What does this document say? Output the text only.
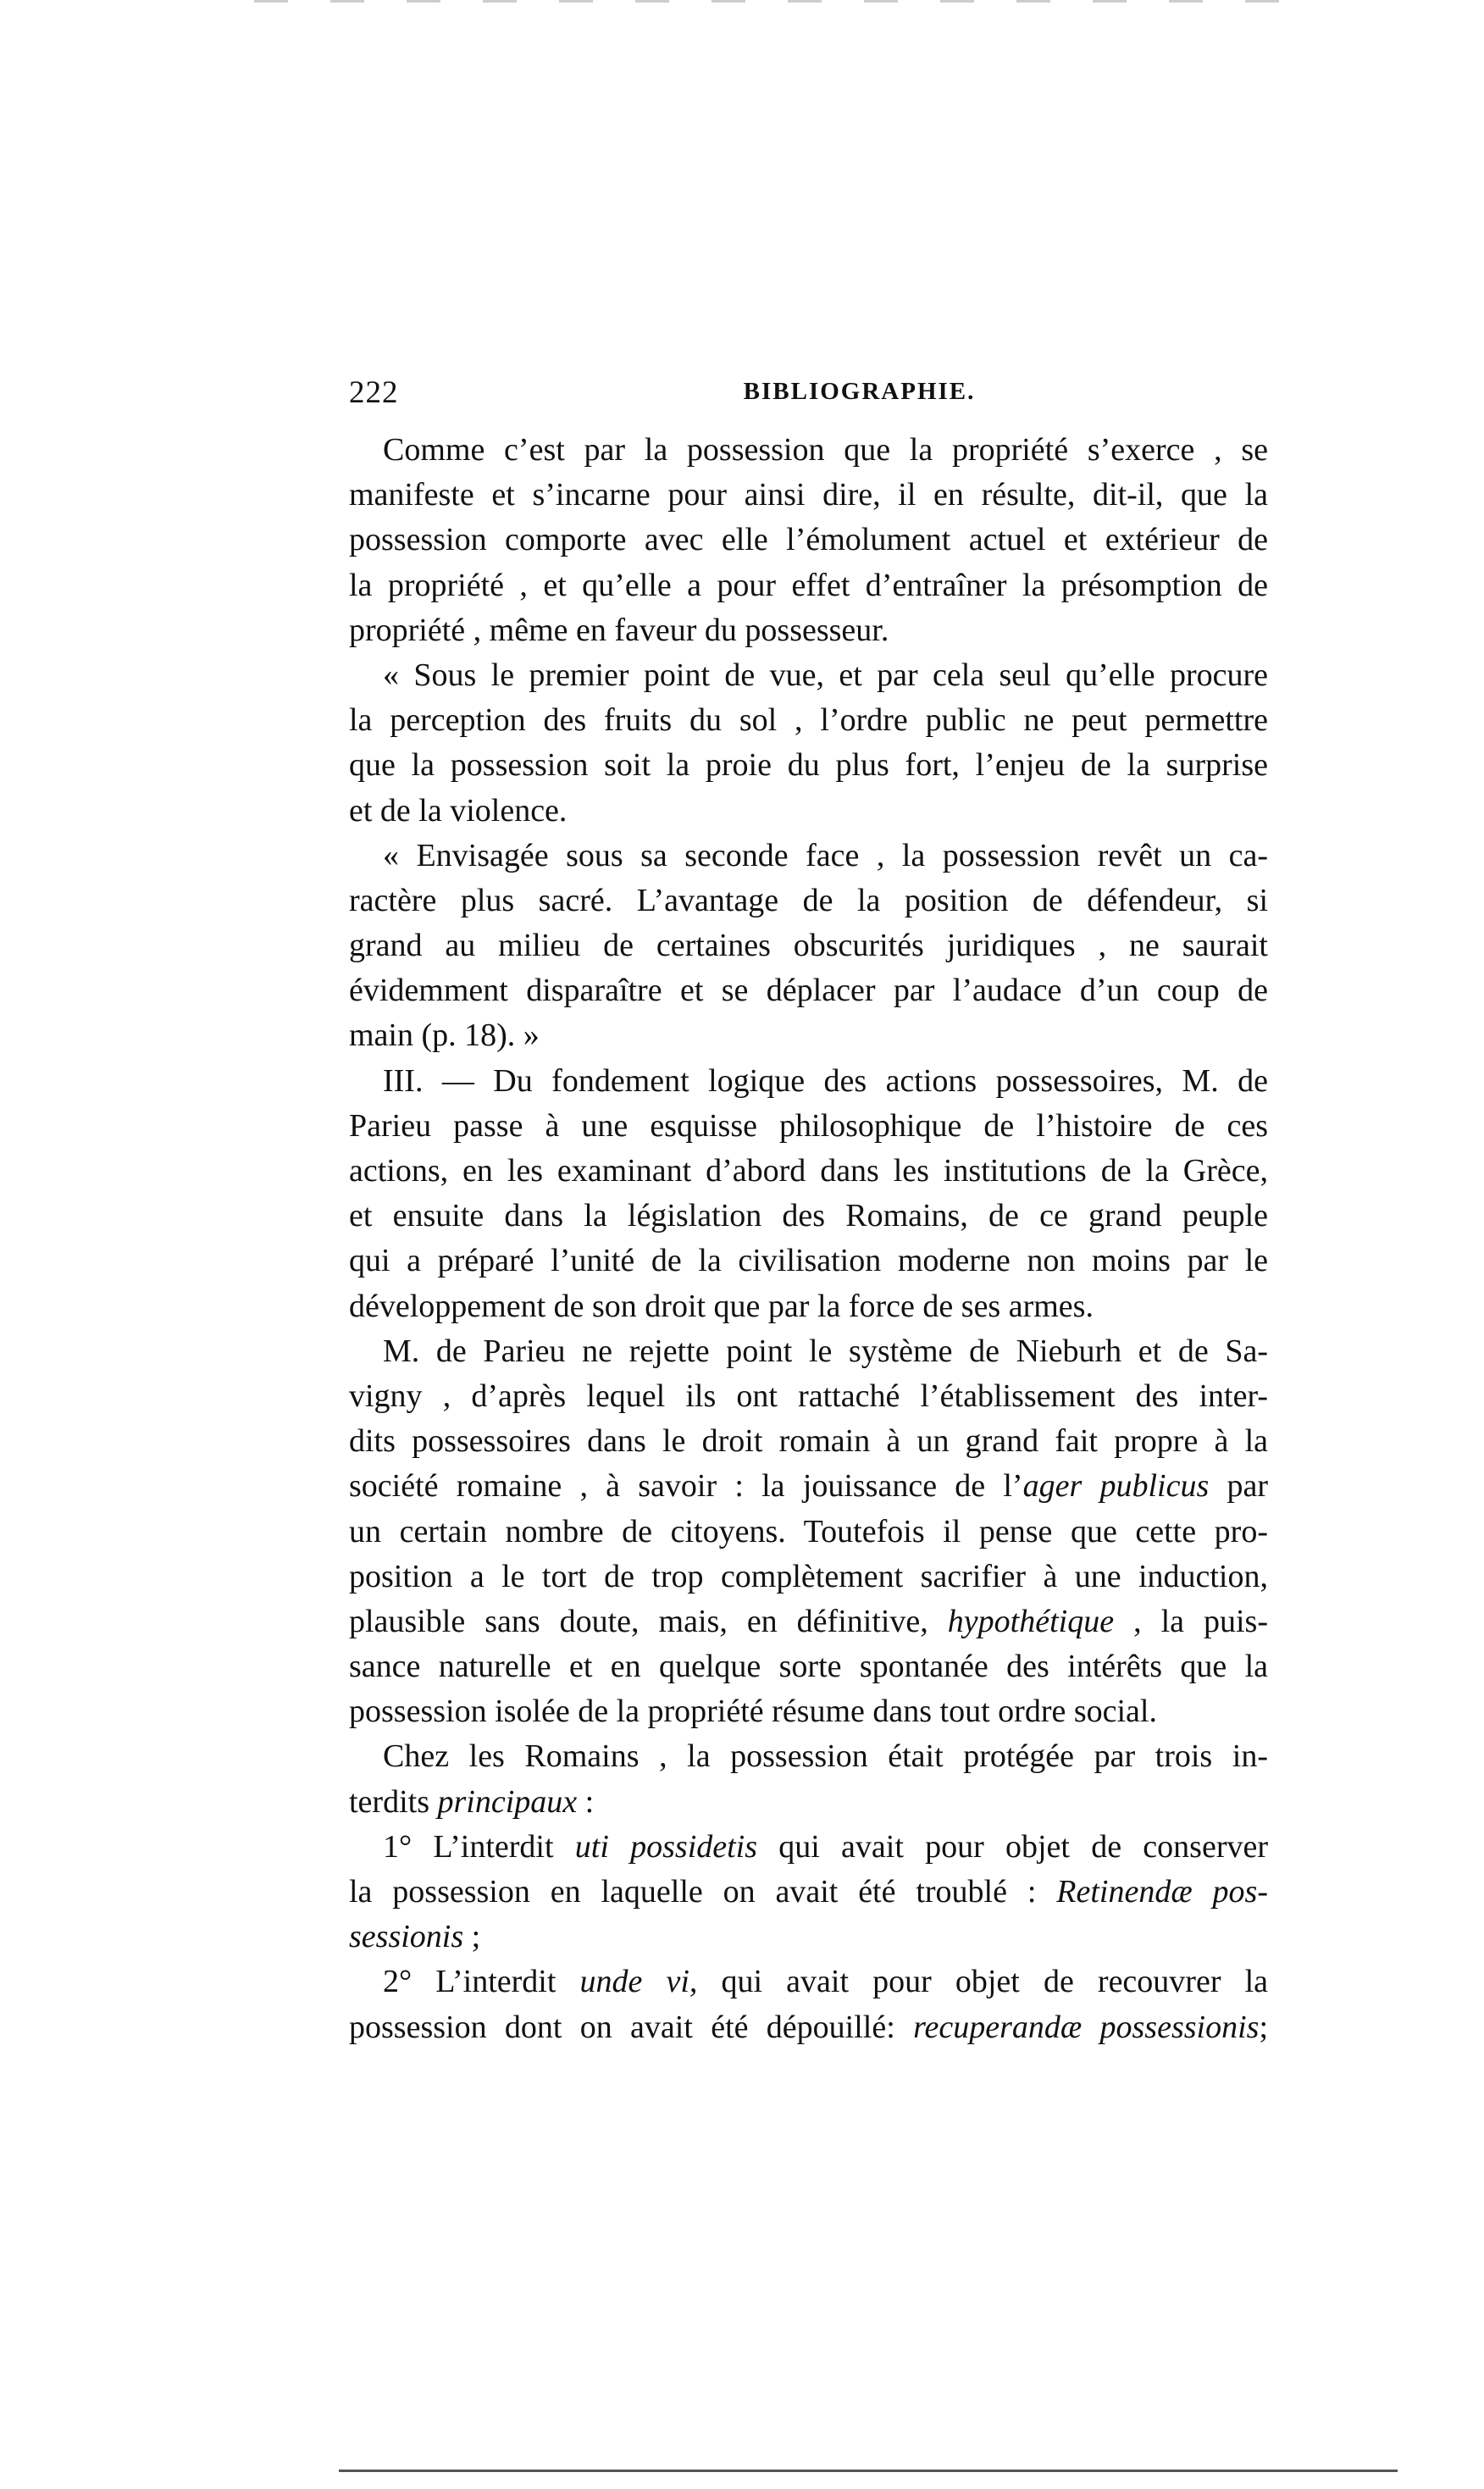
222	BIBLIOGRAPHIE.
Comme c’est par la possession que la propriété s’exerce , se
manifeste et s’incarne pour ainsi dire, il en résulte, dit-il, que la
possession comporte avec elle l’émolument actuel et extérieur de
la propriété , et qu’elle a pour effet d’entraîner la présomption de
propriété , même en faveur du possesseur.
« Sous le premier point de vue, et par cela seul qu’elle procure
la perception des fruits du sol , l’ordre public ne peut permettre
que la possession soit la proie du plus fort, l’enjeu de la surprise
et de la violence.
« Envisagée sous sa seconde face , la possession revêt un ca-
ractère plus sacré. L’avantage de la position de défendeur, si
grand au milieu de certaines obscurités juridiques , ne saurait
évidemment disparaître et se déplacer par l’audace d’un coup de
main (p. 18). »
III. — Du fondement logique des actions possessoires, M. de
Parieu passe à une esquisse philosophique de l’histoire de ces
actions, en les examinant d’abord dans les institutions de la Grèce,
et ensuite dans la législation des Romains, de ce grand peuple
qui a préparé l’unité de la civilisation moderne non moins par le
développement de son droit que par la force de ses armes.
M. de Parieu ne rejette point le système de Nieburh et de Sa-
vigny , d’après lequel ils ont rattaché l’établissement des inter-
dits possessoires dans le droit romain à un grand fait propre à la
société romaine , à savoir : la jouissance de l’ager publicus par
un certain nombre de citoyens. Toutefois il pense que cette pro-
position a le tort de trop complètement sacrifier à une induction,
plausible sans doute, mais, en définitive, hypothétique , la puis-
sance naturelle et en quelque sorte spontanée des intérêts que la
possession isolée de la propriété résume dans tout ordre social.
Chez les Romains , la possession était protégée par trois in-
terdits principaux :
1° L’interdit uti possidetis qui avait pour objet de conserver
la possession en laquelle on avait été troublé : Retinendæ pos-
sessionis ;
2° L’interdit unde vi, qui avait pour objet de recouvrer la
possession dont on avait été dépouillé: recuperandæ possessionis;
